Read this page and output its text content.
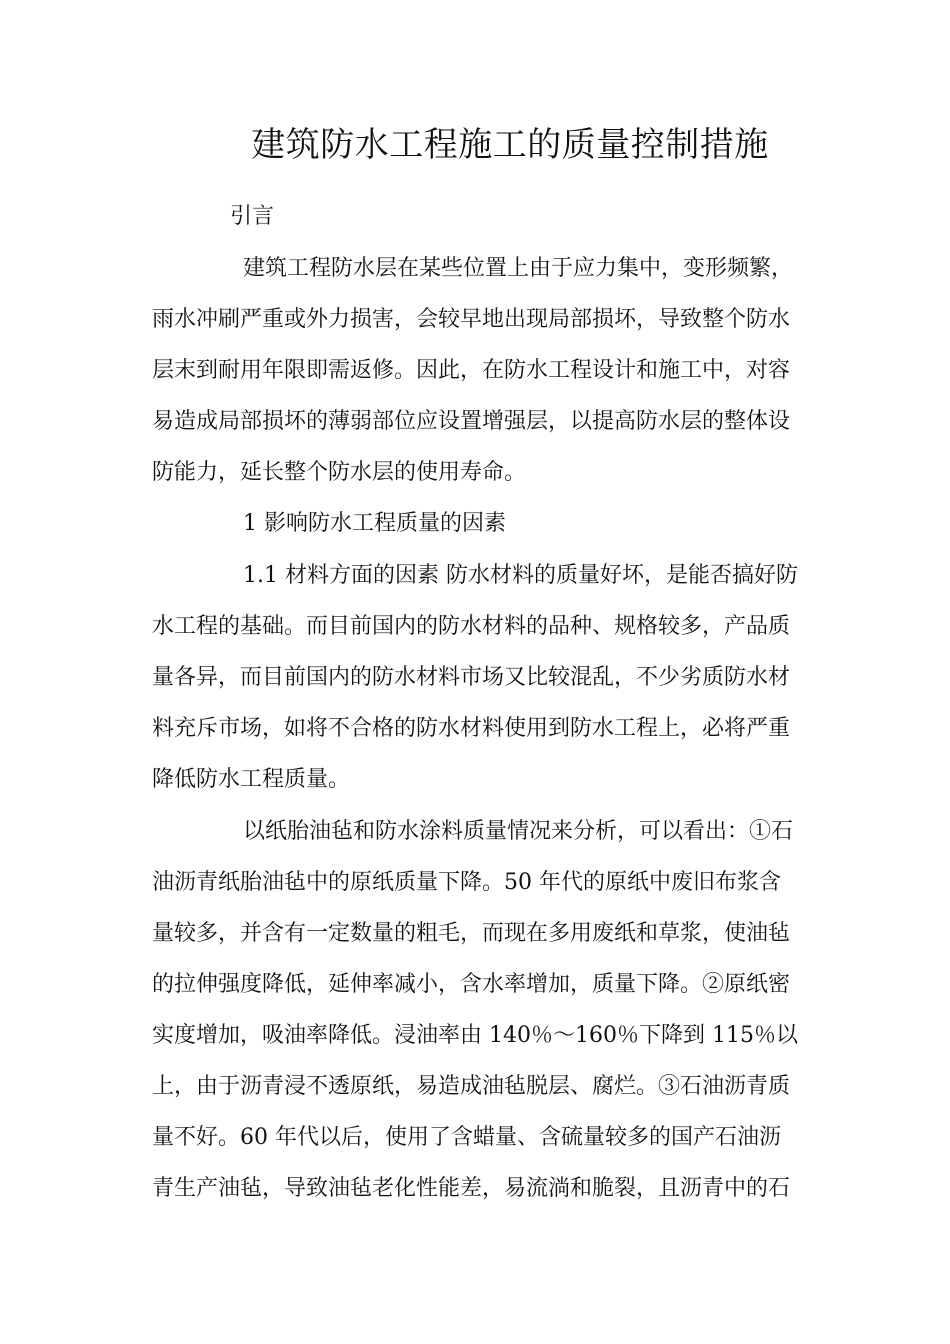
建筑防水工程施工的质量控制措施
引言
建筑工程防水层在某些位置上由于应力集中，变形频繁，
雨水冲刷严重或外力损害，会较早地出现局部损坏，导致整个防水
层末到耐用年限即需返修。因此，在防水工程设计和施工中，对容
易造成局部损坏的薄弱部位应设置增强层，以提高防水层的整体设
防能力，延长整个防水层的使用寿命。
1 影响防水工程质量的因素
1.1 材料方面的因素 防水材料的质量好坏，是能否搞好防
水工程的基础。而目前国内的防水材料的品种、规格较多，产品质
量各异，而目前国内的防水材料市场又比较混乱，不少劣质防水材
料充斥市场，如将不合格的防水材料使用到防水工程上，必将严重
降低防水工程质量。
以纸胎油毡和防水涂料质量情况来分析，可以看出：①石
油沥青纸胎油毡中的原纸质量下降。50 年代的原纸中废旧布浆含
量较多，并含有一定数量的粗毛，而现在多用废纸和草浆，使油毡
的拉伸强度降低，延伸率减小，含水率增加，质量下降。②原纸密
实度增加，吸油率降低。浸油率由 140％～160％下降到 115％以
上，由于沥青浸不透原纸，易造成油毡脱层、腐烂。③石油沥青质
量不好。60 年代以后，使用了含蜡量、含硫量较多的国产石油沥
青生产油毡，导致油毡老化性能差，易流淌和脆裂，且沥青中的石
